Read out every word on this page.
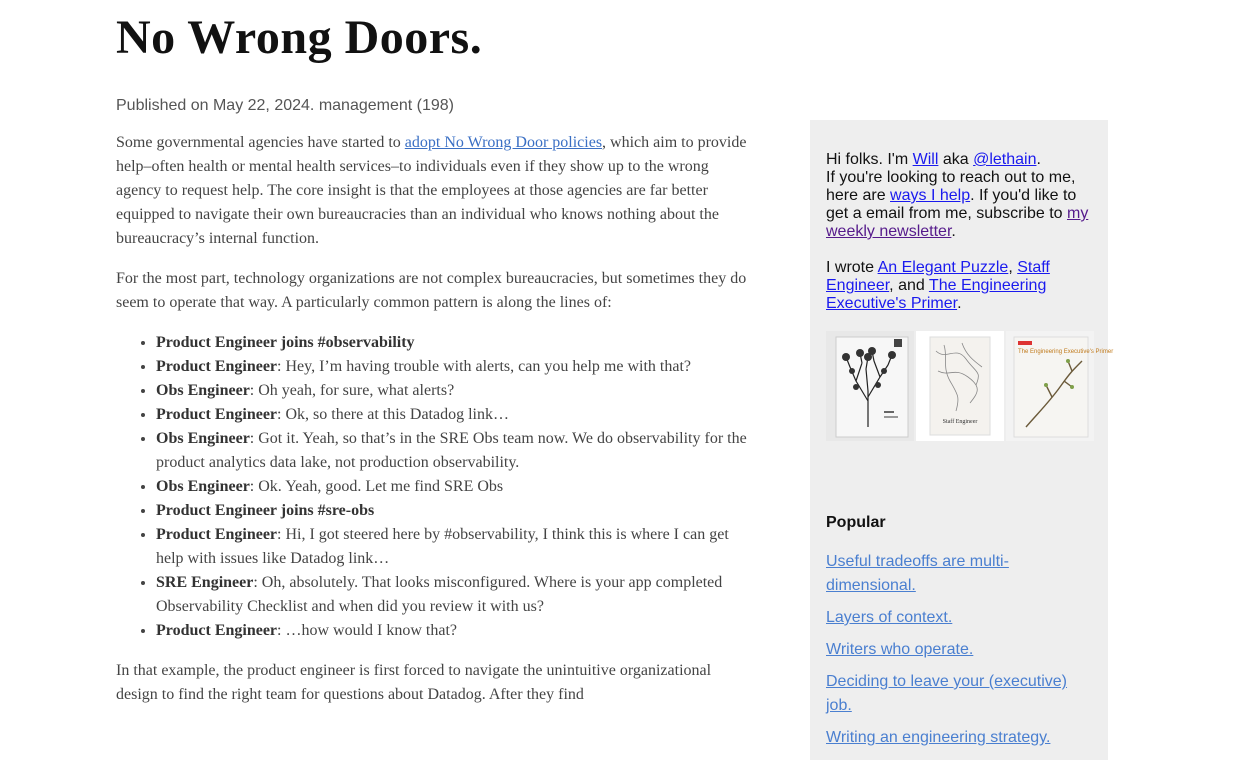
No Wrong Doors.
Published on May 22, 2024. management (198)

Some governmental agencies have started to adopt No Wrong Door policies, which aim to provide help–often health or mental health services–to individuals even if they show up to the wrong agency to request help. The core insight is that the employees at those agencies are far better equipped to navigate their own bureaucracies than an individual who knows nothing about the bureaucracy’s internal function.

For the most part, technology organizations are not complex bureaucracies, but sometimes they do seem to operate that way. A particularly common pattern is along the lines of:

• Product Engineer joins #observability
• Product Engineer: Hey, I’m having trouble with alerts, can you help me with that?
• Obs Engineer: Oh yeah, for sure, what alerts?
• Product Engineer: Ok, so there at this Datadog link…
• Obs Engineer: Got it. Yeah, so that’s in the SRE Obs team now. We do observability for the product analytics data lake, not production observability.
• Obs Engineer: Ok. Yeah, good. Let me find SRE Obs
• Product Engineer joins #sre-obs
• Product Engineer: Hi, I got steered here by #observability, I think this is where I can get help with issues like Datadog link…
• SRE Engineer: Oh, absolutely. That looks misconfigured. Where is your app completed Observability Checklist and when did you review it with us?
• Product Engineer: …how would I know that?

In that example, the product engineer is first forced to navigate the unintuitive organizational design to find the right team for questions about Datadog. After they find

Hi folks. I'm Will aka @lethain.
If you're looking to reach out to me, here are ways I help. If you'd like to get a email from me, subscribe to my weekly newsletter.
I wrote An Elegant Puzzle, Staff Engineer, and The Engineering Executive's Primer.
Staff Engineer
The Engineering Executive's Primer
Popular
Useful tradeoffs are multi-dimensional.
Layers of context.
Writers who operate.
Deciding to leave your (executive) job.
Writing an engineering strategy.
